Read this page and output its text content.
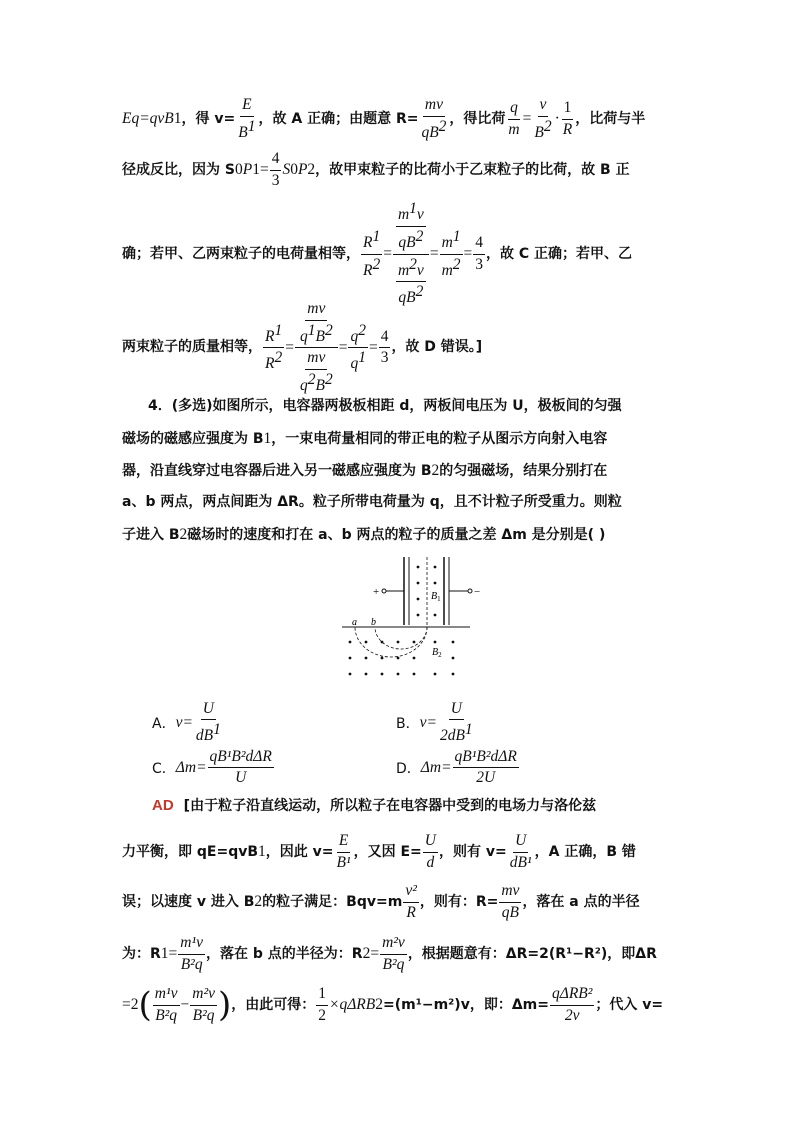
Eq=qvB 1 ，得 $v= \frac{E}{B^1}$ ，故 A 正确；由题意 $R= \frac{mv}{qB^2}$ ，得比荷 $\frac{q}{m} = \frac{v}{B^2} \cdot \frac{1}{R}$ ，比荷与半
径成反比，因为 S 0 P $1 = \frac{4}{3}$ S 0 P 2 ，故甲束粒子的比荷小于乙束粒子的比荷，故 B 正
确；若甲、乙两束粒子的电荷量相等， $\frac{R^1}{R^2} = \frac{\frac{m^1v}{qB^2}}{\frac{m^2v}{qB^2}} = \frac{m^1}{m^2} = \frac{4}{3}$ ，故 C 正确；若甲、乙
两束粒子的质量相等， $\frac{R^1}{R^2} = \frac{\frac{mv}{q^1B^2}}{\frac{mv}{q^2B^2}} = \frac{q^2}{q^1} = \frac{4}{3}$ ，故 D 错误。]
4．(多选)如图所示，电容器两极板相距 d，两板间电压为 U，极板间的匀强
磁场的磁感应强度为 B 1 ，一束电荷量相同的带正电的粒子从图示方向射入电容
器，沿直线穿过电容器后进入另一磁感应强度为 B 2 的匀强磁场，结果分别打在
a、b 两点，两点间距为 ΔR。粒子所带电荷量为 q，且不计粒子所受重力。则粒
子进入 B 2 磁场时的速度和打在 a、b 两点的粒子的质量之差 Δm 是分别是( )
+	−
a b
$B_1$
$B_2$
A． $v= \frac{U}{dB^1}$	B． $v= \frac{U}{2dB^1}$
C． $\Delta m= \frac{\text{qB¹B²dΔR}}{U}$	D． $\Delta m= \frac{\text{qB¹B²dΔR}}{2U}$
AD [由于粒子沿直线运动，所以粒子在电容器中受到的电场力与洛伦兹
力平衡，即 qE=qvB 1 ，因此 $v= \frac{E}{\text{B¹}}$ ，又因 $E= \frac{U}{d}$ ，则有 $v= \frac{U}{\text{dB¹}}$ ，A 正确，B 错
误；以速度 v 进入 B 2 的粒子满足：$Bqv=m \frac{\text{v²}}{R}$ ，则有：$R= \frac{mv}{qB}$ ，落在 a 点的半径
为：R $1 = \frac{\text{m¹v}}{\text{B²q}}$ ，落在 b 点的半径为：R $2 = \frac{\text{m²v}}{\text{B²q}}$ ，根据题意有：ΔR=2(R¹−R²)，即ΔR
=2 ( $\frac{\text{m¹v}}{\text{B²q}} - \frac{\text{m²v}}{\text{B²q}}$ ) ，由此可得： $\frac{1}{2} \times q\Delta RB$ 2 =(m¹−m²)v，即：$\Delta m= \frac{\text{qΔRB²}}{2v}$ ；代入 v=
